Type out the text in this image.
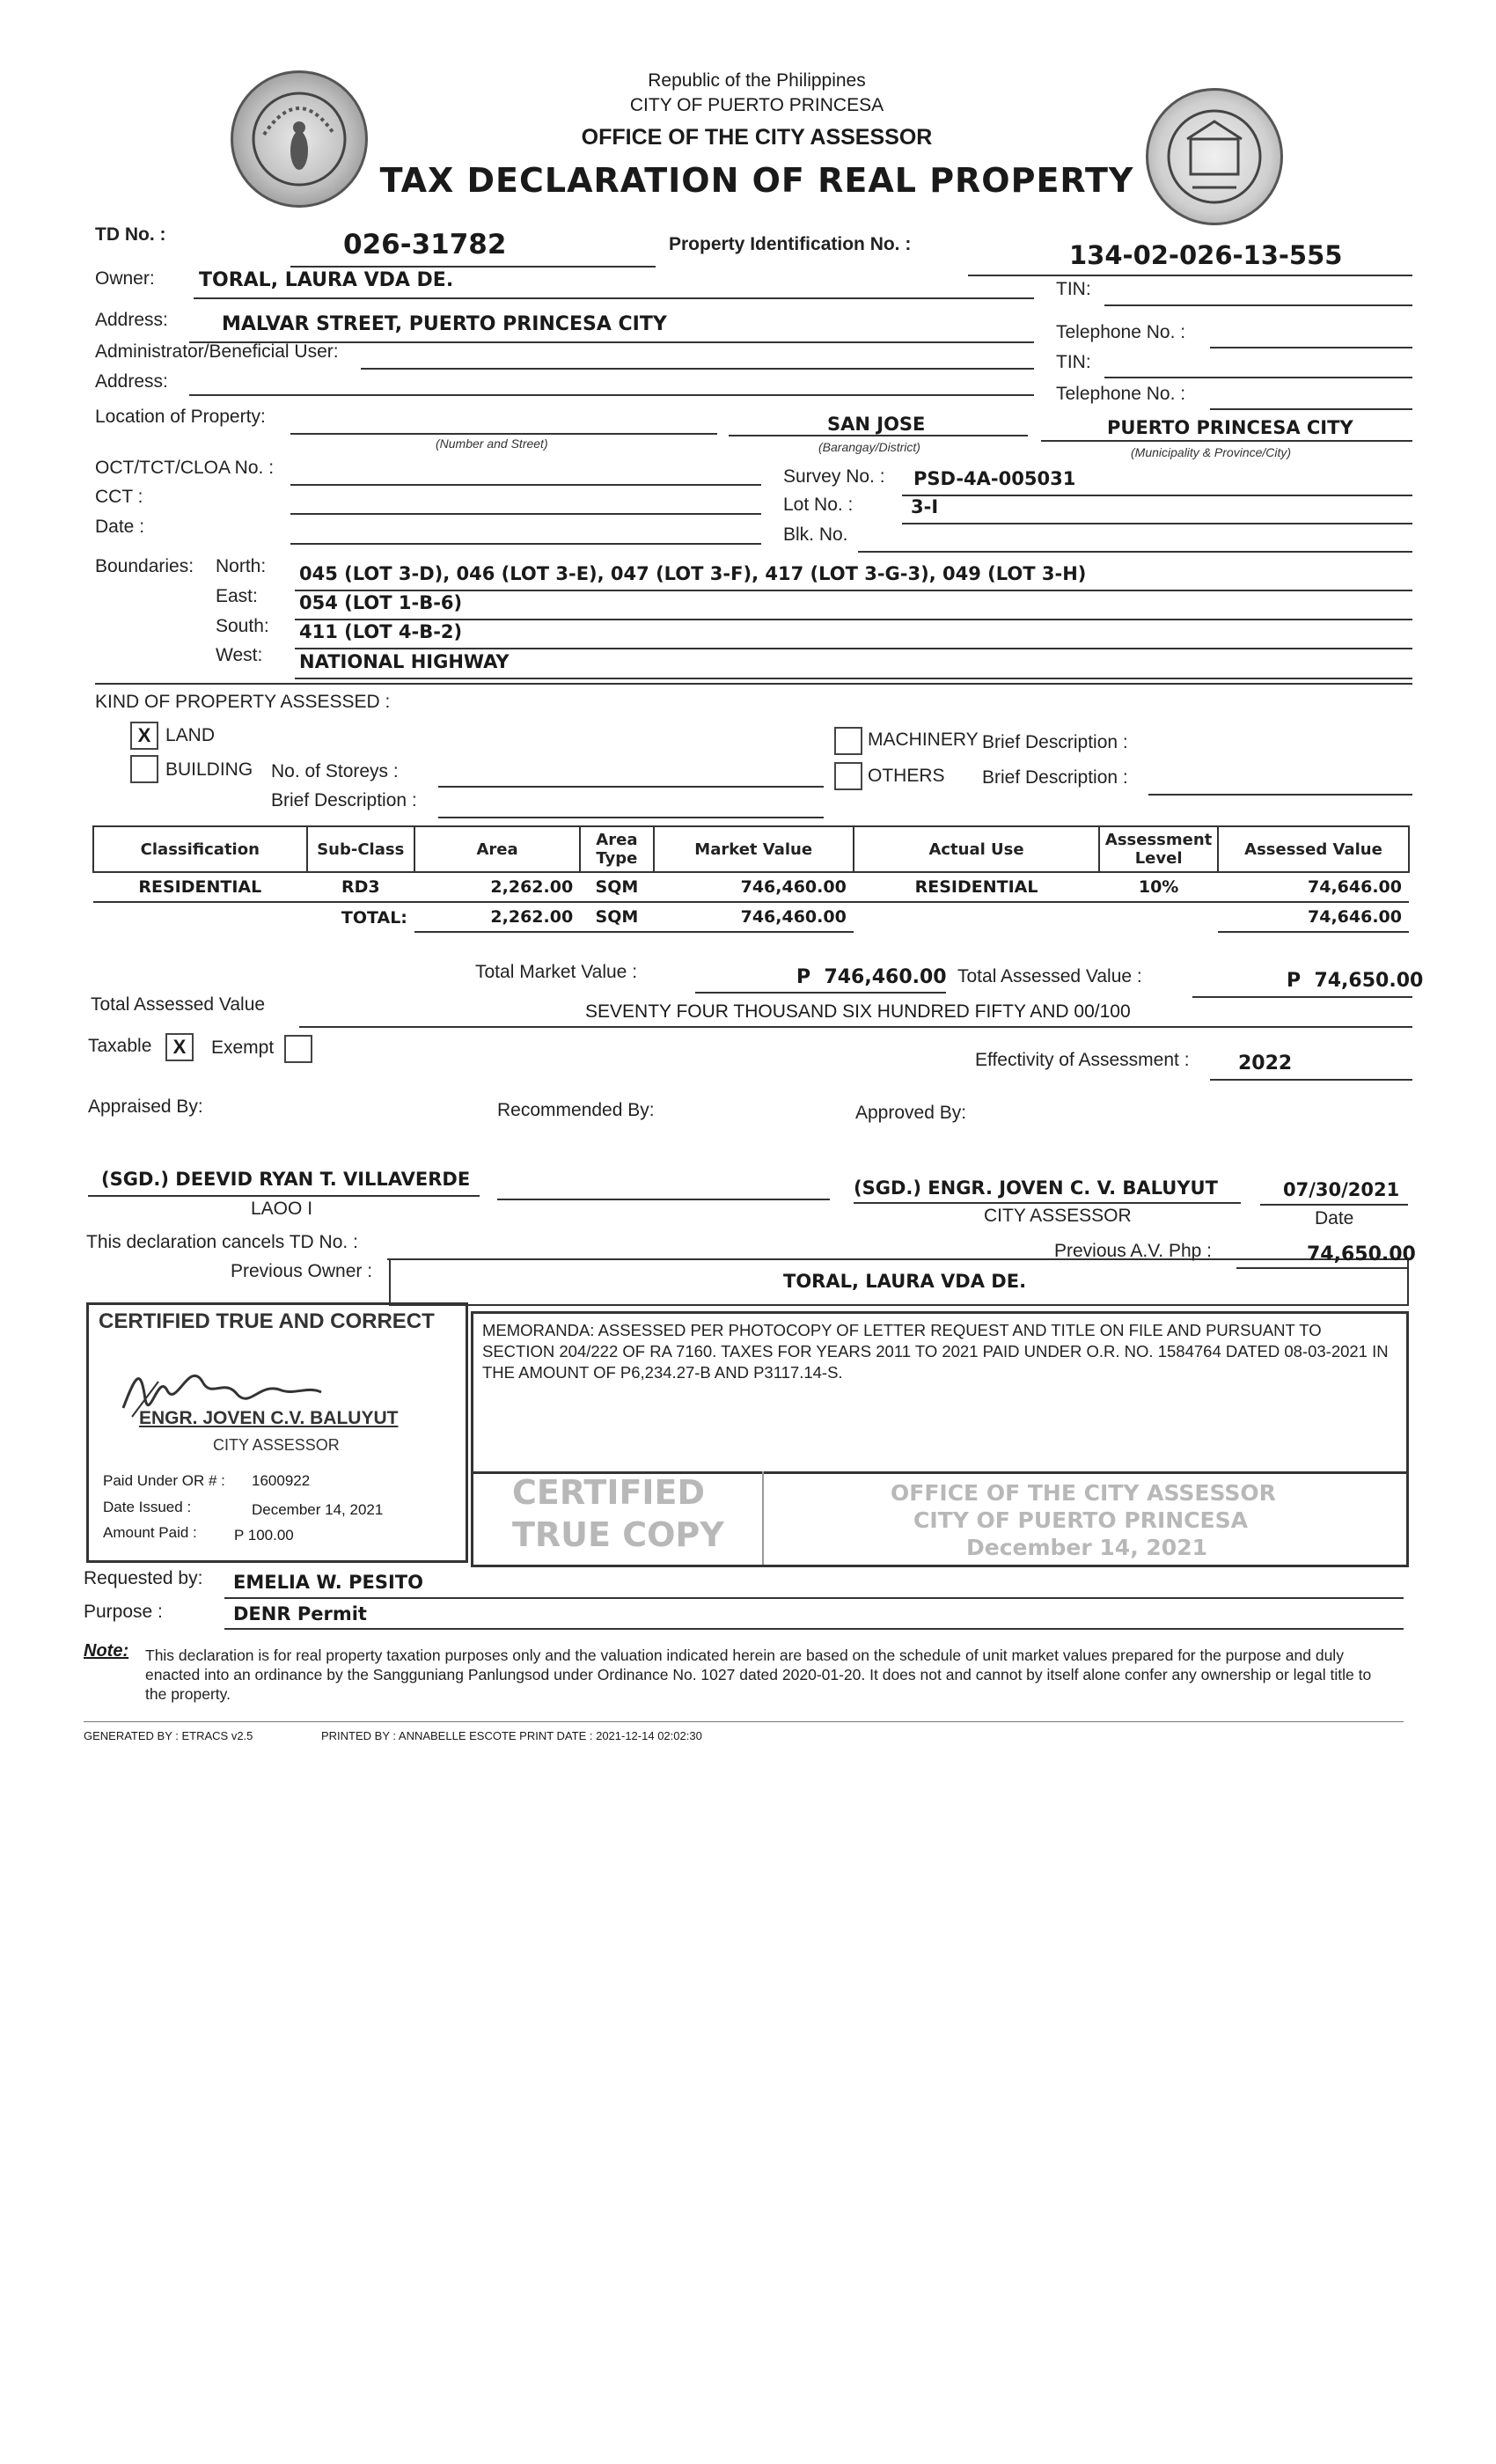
Republic of the Philippines
CITY OF PUERTO PRINCESA
OFFICE OF THE CITY ASSESSOR
TAX DECLARATION OF REAL PROPERTY
TD No. :	026-31782	Property Identification No. :	134-02-026-13-555
Owner: TORAL, LAURA VDA DE.	TIN:
Address:	MALVAR STREET, PUERTO PRINCESA CITY	Telephone No. :
Administrator/Beneficial User:
TIN:
Address:
Telephone No. :
Location of Property:
(Number and Street)
SAN JOSE
(Barangay/District)
PUERTO PRINCESA CITY
(Municipality & Province/City)
OCT/TCT/CLOA No. :
CCT :
Date :
Survey No. : PSD-4A-005031
Lot No. :	3-I
Blk. No.
Boundaries: North: 045 (LOT 3-D), 046 (LOT 3-E), 047 (LOT 3-F), 417 (LOT 3-G-3), 049 (LOT 3-H)
East: 054 (LOT 1-B-6)
South: 411 (LOT 4-B-2)
West: NATIONAL HIGHWAY
KIND OF PROPERTY ASSESSED :
X LAND
BUILDING No. of Storeys :
Brief Description :
MACHINERY Brief Description :
OTHERS Brief Description :
Classification	Sub-Class	Area	Area Type	Market Value	Actual Use	Assessment Level	Assessed Value
RESIDENTIAL	RD3	2,262.00	SQM	746,460.00	RESIDENTIAL	10%	74,646.00
	TOTAL:	2,262.00	SQM	746,460.00			74,646.00
Total Market Value :	P  746,460.00 Total Assessed Value :	P  74,650.00
Total Assessed Value	SEVENTY FOUR THOUSAND SIX HUNDRED FIFTY AND 00/100
Taxable	X	Exempt
Effectivity of Assessment :	2022
Appraised By:	Recommended By:	Approved By:
(SGD.) DEEVID RYAN T. VILLAVERDE
LAOO I
(SGD.) ENGR. JOVEN C. V. BALUYUT
CITY ASSESSOR
07/30/2021
Date
This declaration cancels TD No. :
Previous Owner :	TORAL, LAURA VDA DE.
Previous A.V. Php :	74,650.00
CERTIFIED TRUE AND CORRECT
ENGR. JOVEN C.V. BALUYUT
CITY ASSESSOR
Paid Under OR # : 1600922
Date Issued :	December 14, 2021
Amount Paid : P 100.00
MEMORANDA: ASSESSED PER PHOTOCOPY OF LETTER REQUEST AND TITLE ON FILE AND PURSUANT TO SECTION 204/222 OF RA 7160. TAXES FOR YEARS 2011 TO 2021 PAID UNDER O.R. NO. 1584764 DATED 08-03-2021 IN THE AMOUNT OF P6,234.27-B AND P3117.14-S.
CERTIFIED
TRUE COPY
OFFICE OF THE CITY ASSESSOR
CITY OF PUERTO PRINCESA
December 14, 2021
Requested by: EMELIA W. PESITO
Purpose :	DENR Permit
Note: This declaration is for real property taxation purposes only and the valuation indicated herein are based on the schedule of unit market values prepared for the purpose and duly enacted into an ordinance by the Sangguniang Panlungsod under Ordinance No. 1027 dated 2020-01-20. It does not and cannot by itself alone confer any ownership or legal title to the property.
GENERATED BY : ETRACS v2.5	PRINTED BY : ANNABELLE ESCOTE PRINT DATE : 2021-12-14 02:02:30
